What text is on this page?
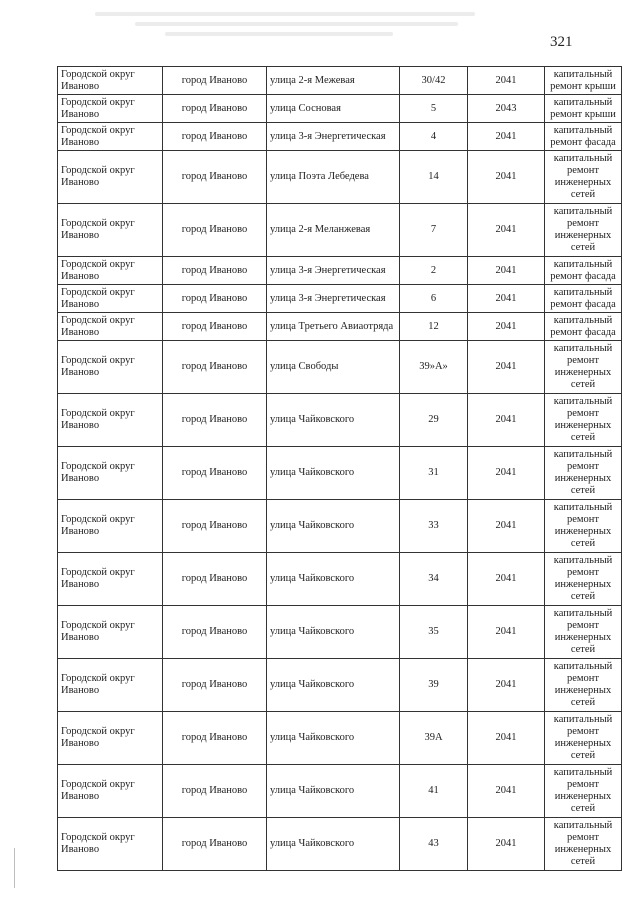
321
Городской округ Иваново	город Иваново	улица 2-я Межевая	30/42	2041	капитальный ремонт крыши
Городской округ Иваново	город Иваново	улица Сосновая	5	2043	капитальный ремонт крыши
Городской округ Иваново	город Иваново	улица 3-я Энергетическая	4	2041	капитальный ремонт фасада
Городской округ Иваново	город Иваново	улица Поэта Лебедева	14	2041	капитальный ремонт инженерных сетей
Городской округ Иваново	город Иваново	улица 2-я Меланжевая	7	2041	капитальный ремонт инженерных сетей
Городской округ Иваново	город Иваново	улица 3-я Энергетическая	2	2041	капитальный ремонт фасада
Городской округ Иваново	город Иваново	улица 3-я Энергетическая	6	2041	капитальный ремонт фасада
Городской округ Иваново	город Иваново	улица Третьего Авиаотряда	12	2041	капитальный ремонт фасада
Городской округ Иваново	город Иваново	улица Свободы	39»А»	2041	капитальный ремонт инженерных сетей
Городской округ Иваново	город Иваново	улица Чайковского	29	2041	капитальный ремонт инженерных сетей
Городской округ Иваново	город Иваново	улица Чайковского	31	2041	капитальный ремонт инженерных сетей
Городской округ Иваново	город Иваново	улица Чайковского	33	2041	капитальный ремонт инженерных сетей
Городской округ Иваново	город Иваново	улица Чайковского	34	2041	капитальный ремонт инженерных сетей
Городской округ Иваново	город Иваново	улица Чайковского	35	2041	капитальный ремонт инженерных сетей
Городской округ Иваново	город Иваново	улица Чайковского	39	2041	капитальный ремонт инженерных сетей
Городской округ Иваново	город Иваново	улица Чайковского	39А	2041	капитальный ремонт инженерных сетей
Городской округ Иваново	город Иваново	улица Чайковского	41	2041	капитальный ремонт инженерных сетей
Городской округ Иваново	город Иваново	улица Чайковского	43	2041	капитальный ремонт инженерных сетей
